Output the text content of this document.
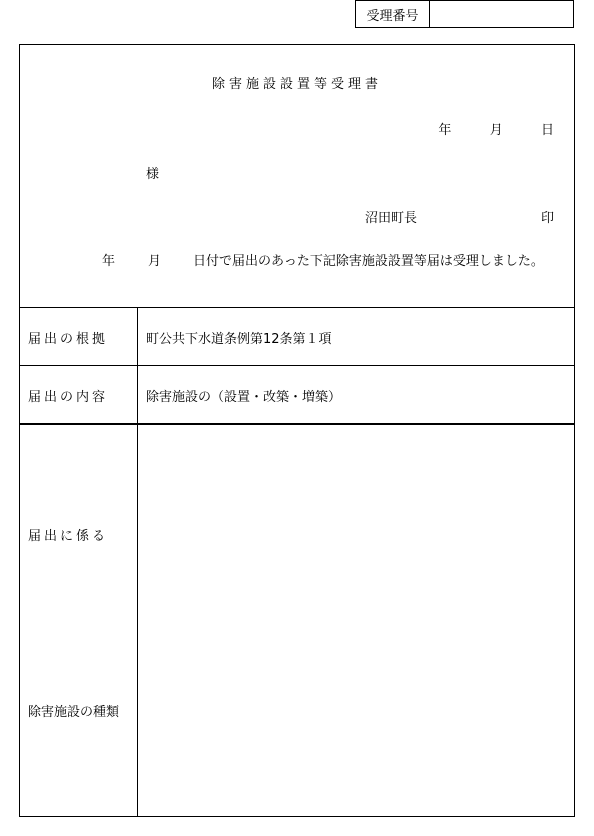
受理番号
除害施設設置等受理書
年	月	日
様
沼田町長	印
年	月 日付で届出のあった下記除害施設設置等届は受理しました。
届出の根拠	町公共下水道条例第12条第１項
届出の内容	除害施設の（設置・改築・増築）
届出に係る
除害施設の種類
